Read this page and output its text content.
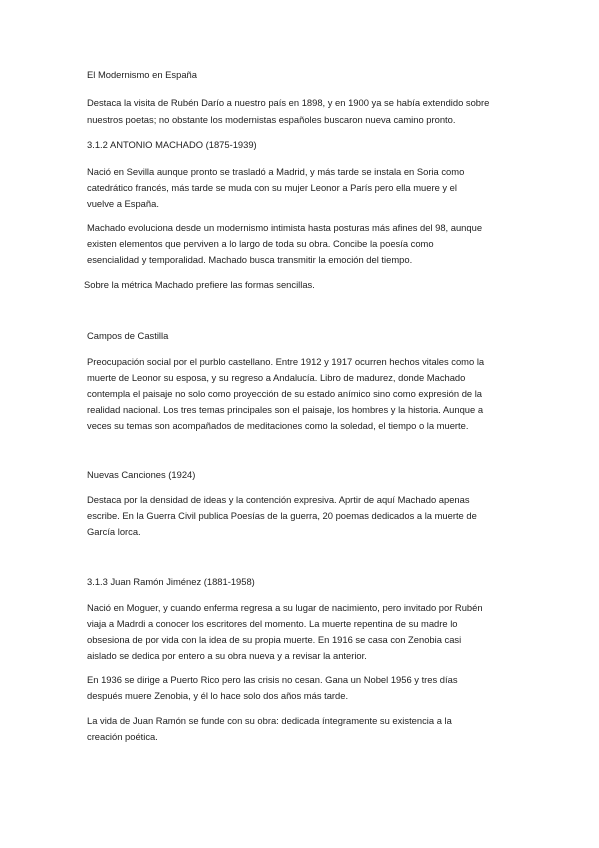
El Modernismo en España
Destaca la visita de Rubén Darío a nuestro país en 1898, y en 1900 ya se había extendido sobre
nuestros poetas; no obstante los modernistas españoles buscaron nueva camino pronto.
3.1.2 ANTONIO MACHADO (1875-1939)
Nació en Sevilla aunque pronto se trasladó a Madrid, y más tarde se instala en Soria como
catedrático francés, más tarde se muda con su mujer Leonor a París pero ella muere y el
vuelve a España.
Machado evoluciona desde un modernismo intimista hasta posturas más afines del 98, aunque
existen elementos que perviven a lo largo de toda su obra. Concibe la poesía como
esencialidad y temporalidad. Machado busca transmitir la emoción del tiempo.
Sobre la métrica Machado prefiere las formas sencillas.
Campos de Castilla
Preocupación social por el purblo castellano. Entre 1912 y 1917 ocurren hechos vitales como la
muerte de Leonor su esposa, y su regreso a Andalucía. Libro de madurez, donde Machado
contempla el paisaje no solo como proyección de su estado anímico sino como expresión de la
realidad nacional. Los tres temas principales son el paisaje, los hombres y la historia. Aunque a
veces su temas son acompañados de meditaciones como la soledad, el tiempo o la muerte.
Nuevas Canciones (1924)
Destaca por la densidad de ideas y la contención expresiva. Aprtir de aquí Machado apenas
escribe. En la Guerra Civil publica Poesías de la guerra, 20 poemas dedicados a la muerte de
García lorca.
3.1.3 Juan Ramón Jiménez (1881-1958)
Nació en Moguer, y cuando enferma regresa a su lugar de nacimiento, pero invitado por Rubén
viaja a Madrdi a conocer los escritores del momento. La muerte repentina de su madre lo
obsesiona de por vida con la idea de su propia muerte. En 1916 se casa con Zenobia casi
aislado se dedica por entero a su obra nueva y a revisar la anterior.
En 1936 se dirige a Puerto Rico pero las crisis no cesan. Gana un Nobel 1956 y tres días
después muere Zenobia, y él lo hace solo dos años más tarde.
La vida de Juan Ramón se funde con su obra: dedicada íntegramente su existencia a la
creación poética.
